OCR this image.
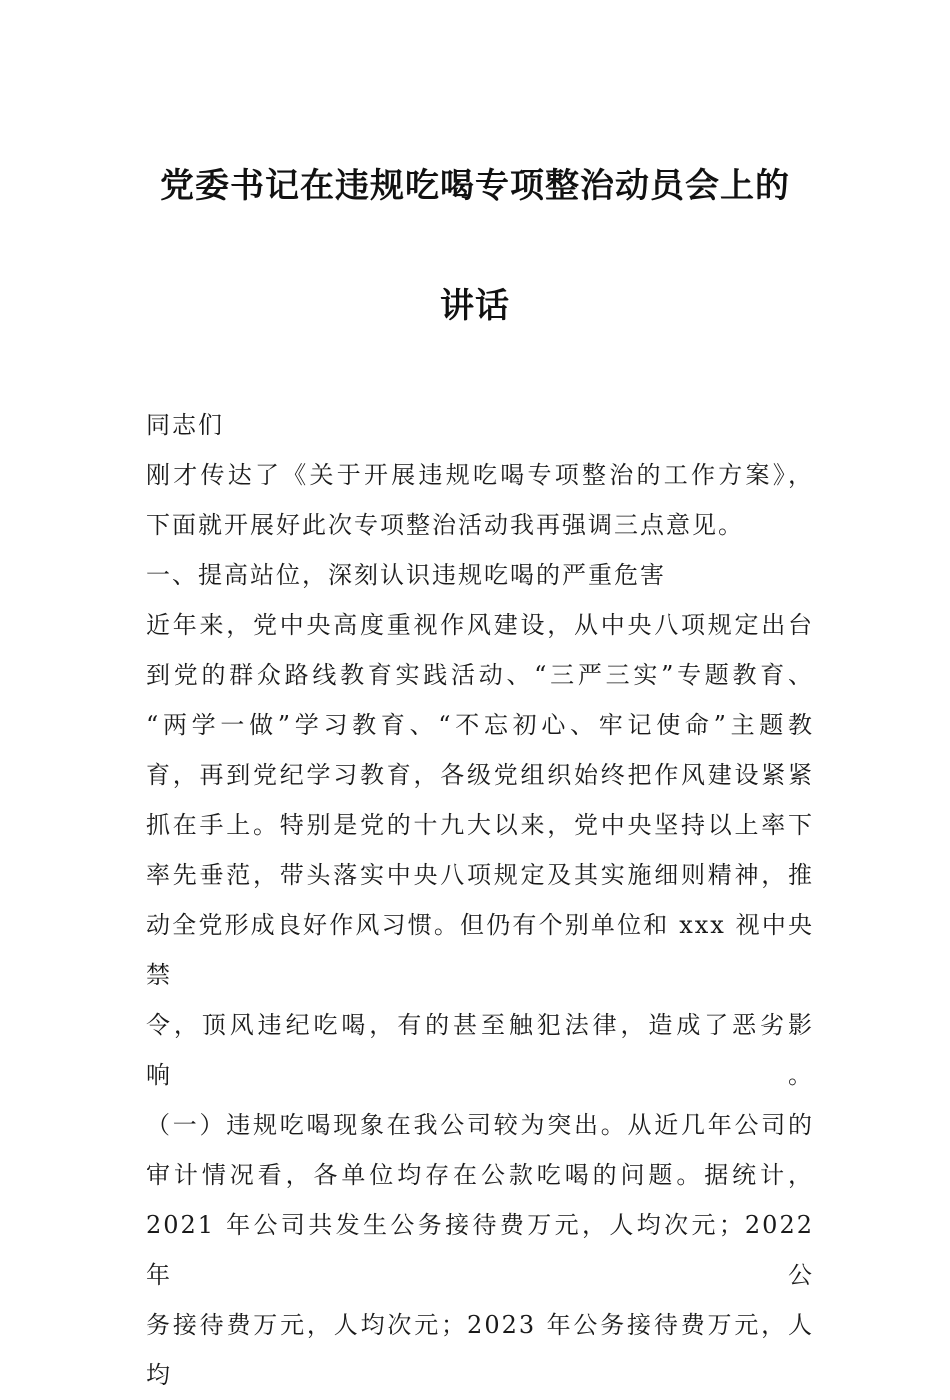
党委书记在违规吃喝专项整治动员会上的
讲话
同志们
刚才传达了《关于开展违规吃喝专项整治的工作方案》，
下面就开展好此次专项整治活动我再强调三点意见。
一、提高站位，深刻认识违规吃喝的严重危害
近年来，党中央高度重视作风建设，从中央八项规定出台
到党的群众路线教育实践活动、“三严三实”专题教育、
“两学一做”学习教育、“不忘初心、牢记使命”主题教
育，再到党纪学习教育，各级党组织始终把作风建设紧紧
抓在手上。特别是党的十九大以来，党中央坚持以上率下
率先垂范，带头落实中央八项规定及其实施细则精神，推
动全党形成良好作风习惯。但仍有个别单位和 xxx 视中央禁
令，顶风违纪吃喝，有的甚至触犯法律，造成了恶劣影响。
（一）违规吃喝现象在我公司较为突出。从近几年公司的
审计情况看，各单位均存在公款吃喝的问题。据统计，
2021 年公司共发生公务接待费万元，人均次元；2022 年公
务接待费万元，人均次元；2023 年公务接待费万元，人均
